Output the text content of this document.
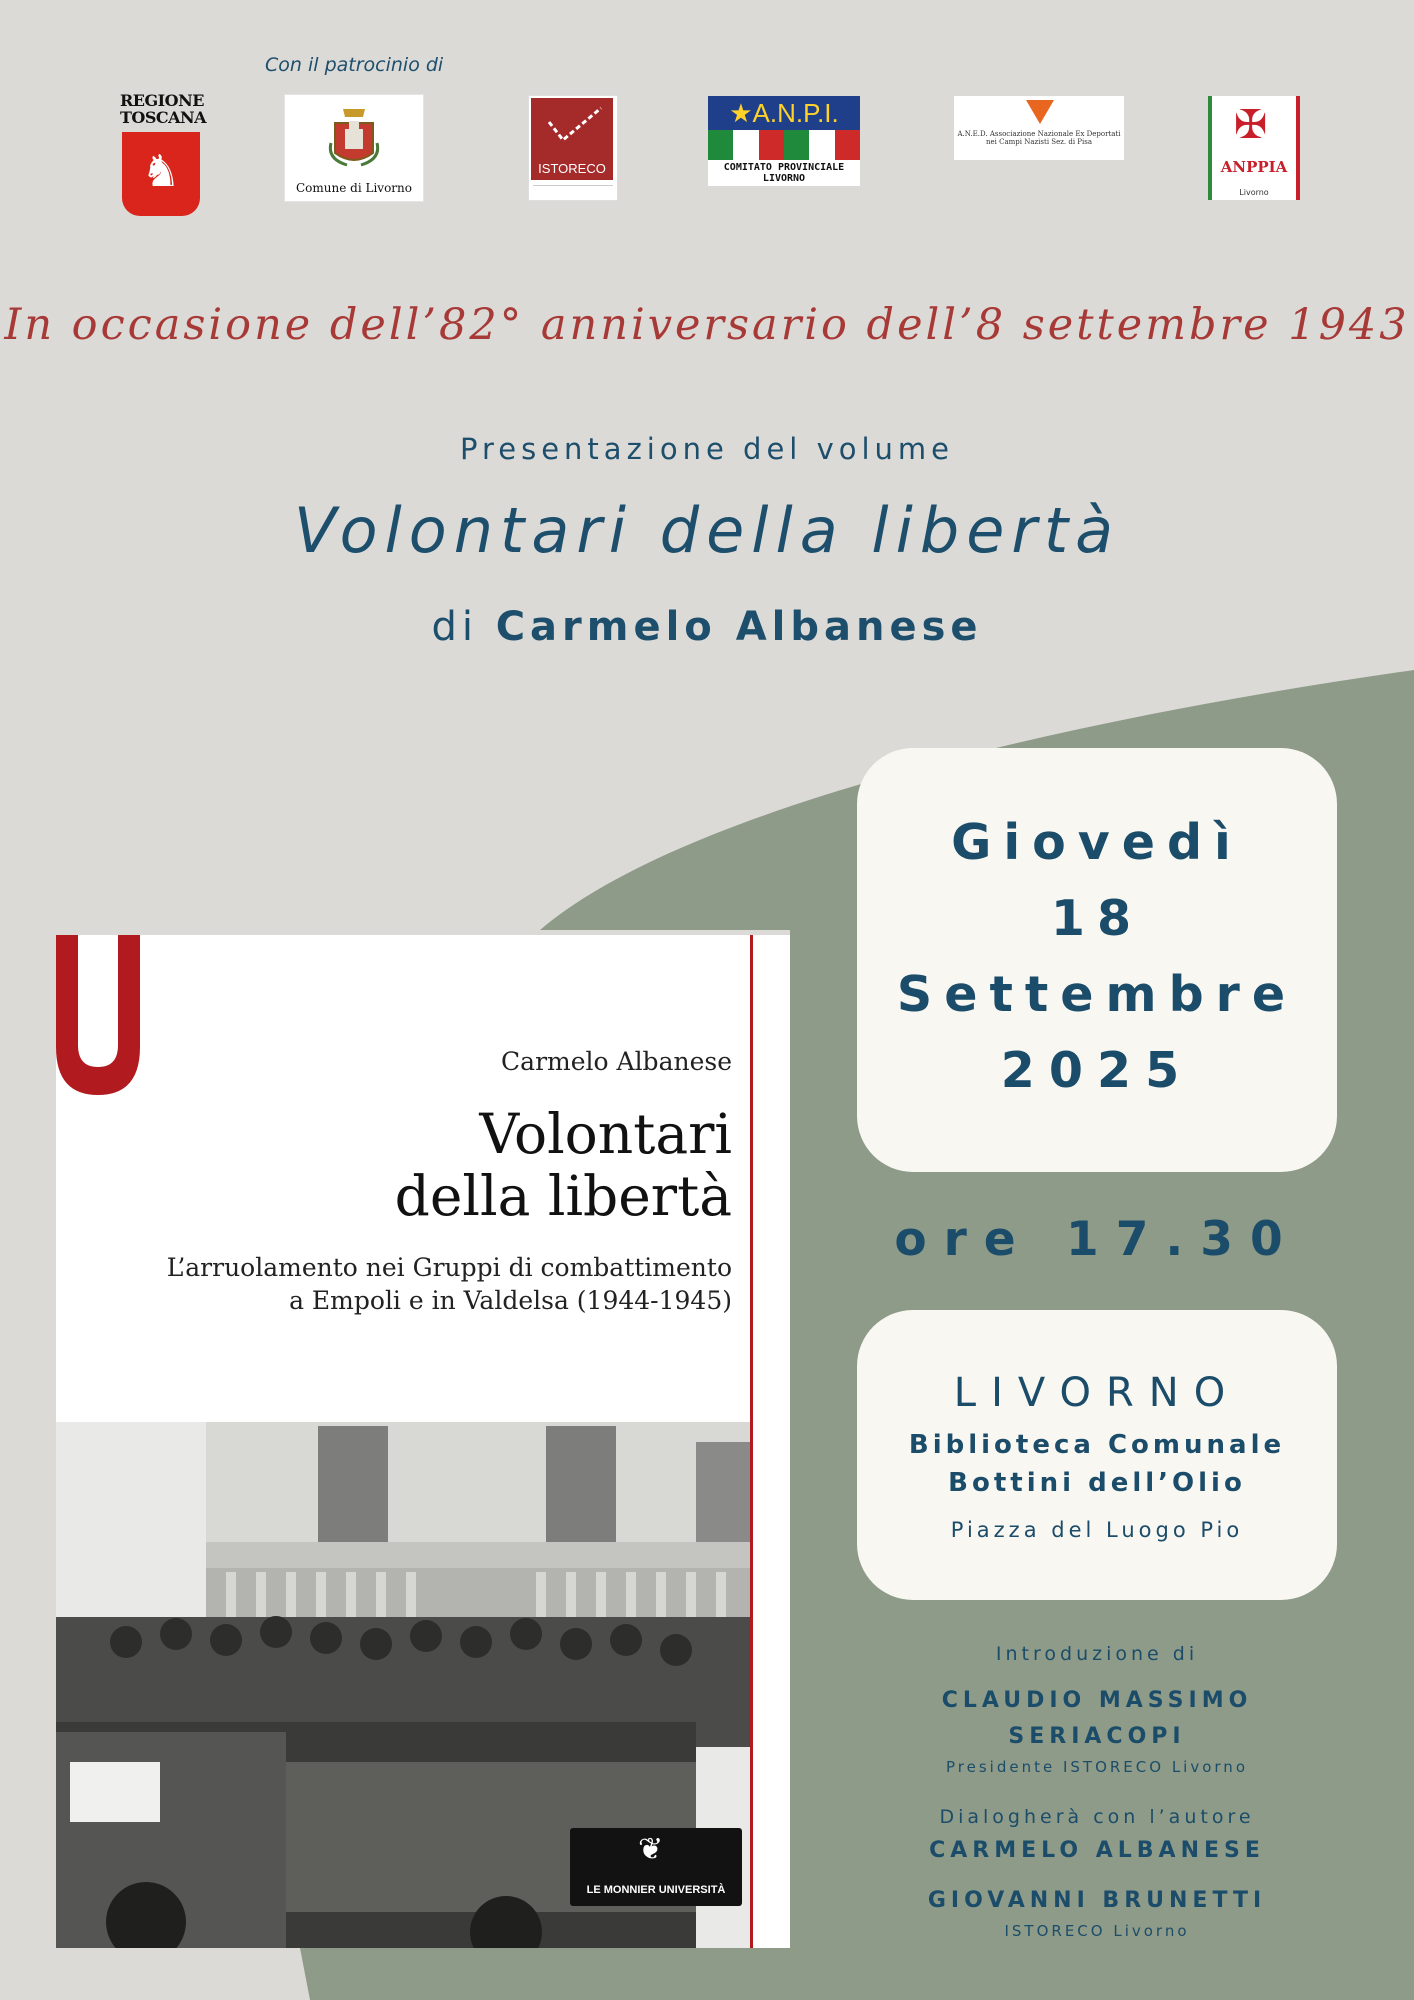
Con il patrocinio di
REGIONE TOSCANA
♞	Comune di Livorno
ISTORECO
★A.N.P.I.
COMITATO PROVINCIALE LIVORNO
A.N.E.D. Associazione Nazionale Ex Deportati nei Campi Nazisti Sez. di Pisa	✠
ANPPIA
Livorno
In occasione dell’82° anniversario dell’8 settembre 1943
Presentazione del volume
Volontari della libertà
di Carmelo Albanese
Carmelo Albanese
Volontari
della libertà
L’arruolamento nei Gruppi di combattimento
a Empoli e in Valdelsa (1944-1945)
❦
LE MONNIER UNIVERSITÀ
Giovedì
18
Settembre
2025
ore 17.30
LIVORNO
Biblioteca Comunale
Bottini dell’Olio
Piazza del Luogo Pio
Introduzione di
CLAUDIO MASSIMO
SERIACOPI
Presidente ISTORECO Livorno
Dialogherà con l’autore
CARMELO ALBANESE
GIOVANNI BRUNETTI
ISTORECO Livorno
